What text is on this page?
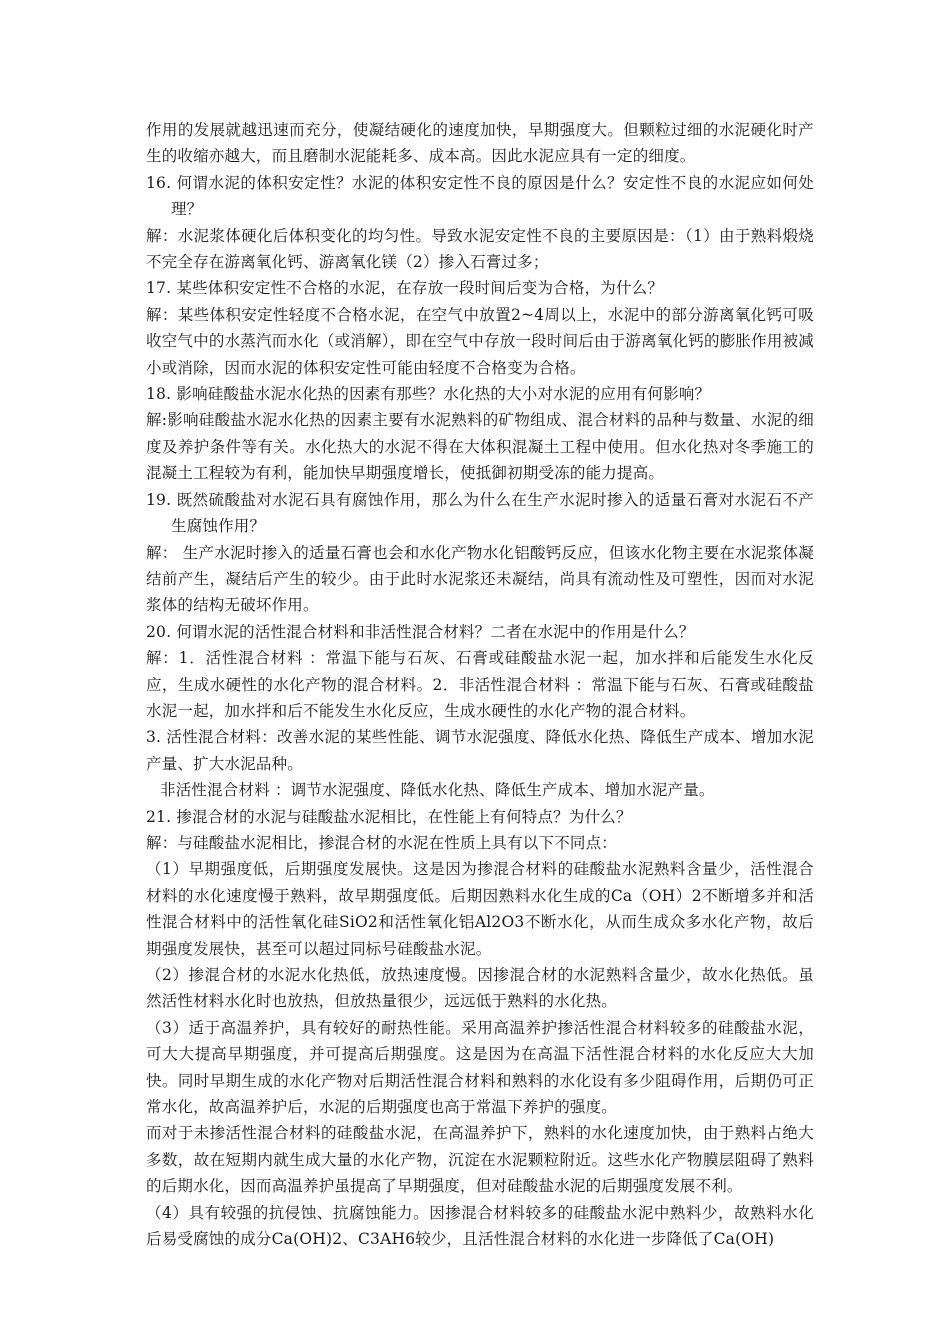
作用的发展就越迅速而充分，使凝结硬化的速度加快，早期强度大。但颗粒过细的水泥硬化时产生的收缩亦越大，而且磨制水泥能耗多、成本高。因此水泥应具有一定的细度。

16. 何谓水泥的体积安定性？水泥的体积安定性不良的原因是什么？安定性不良的水泥应如何处理？

解：水泥浆体硬化后体积变化的均匀性。导致水泥安定性不良的主要原因是：（1）由于熟料煅烧不完全存在游离氧化钙、游离氧化镁（2）掺入石膏过多；

17. 某些体积安定性不合格的水泥，在存放一段时间后变为合格，为什么？

解：某些体积安定性轻度不合格水泥，在空气中放置2~4周以上，水泥中的部分游离氧化钙可吸收空气中的水蒸汽而水化（或消解），即在空气中存放一段时间后由于游离氧化钙的膨胀作用被减小或消除，因而水泥的体积安定性可能由轻度不合格变为合格。

18. 影响硅酸盐水泥水化热的因素有那些？水化热的大小对水泥的应用有何影响？

解:影响硅酸盐水泥水化热的因素主要有水泥熟料的矿物组成、混合材料的品种与数量、水泥的细度及养护条件等有关。水化热大的水泥不得在大体积混凝土工程中使用。但水化热对冬季施工的混凝土工程较为有利，能加快早期强度增长，使抵御初期受冻的能力提高。

19. 既然硫酸盐对水泥石具有腐蚀作用，那么为什么在生产水泥时掺入的适量石膏对水泥石不产生腐蚀作用？

解： 生产水泥时掺入的适量石膏也会和水化产物水化铝酸钙反应，但该水化物主要在水泥浆体凝结前产生，凝结后产生的较少。由于此时水泥浆还未凝结，尚具有流动性及可塑性，因而对水泥浆体的结构无破坏作用。

20. 何谓水泥的活性混合材料和非活性混合材料？二者在水泥中的作用是什么？

解：1．活性混合材料 ：常温下能与石灰、石膏或硅酸盐水泥一起，加水拌和后能发生水化反应，生成水硬性的水化产物的混合材料。2．非活性混合材料 ：常温下能与石灰、石膏或硅酸盐水泥一起，加水拌和后不能发生水化反应，生成水硬性的水化产物的混合材料。

3. 活性混合材料：改善水泥的某些性能、调节水泥强度、降低水化热、降低生产成本、增加水泥产量、扩大水泥品种。

非活性混合材料 ：调节水泥强度、降低水化热、降低生产成本、增加水泥产量。

21. 掺混合材的水泥与硅酸盐水泥相比，在性能上有何特点？为什么？

解：与硅酸盐水泥相比，掺混合材的水泥在性质上具有以下不同点：

（1）早期强度低，后期强度发展快。这是因为掺混合材料的硅酸盐水泥熟料含量少，活性混合材料的水化速度慢于熟料，故早期强度低。后期因熟料水化生成的Ca（OH）2不断增多并和活性混合材料中的活性氧化硅SiO2和活性氧化铝Al2O3不断水化，从而生成众多水化产物，故后期强度发展快，甚至可以超过同标号硅酸盐水泥。

（2）掺混合材的水泥水化热低，放热速度慢。因掺混合材的水泥熟料含量少，故水化热低。虽然活性材料水化时也放热，但放热量很少，远远低于熟料的水化热。

（3）适于高温养护，具有较好的耐热性能。采用高温养护掺活性混合材料较多的硅酸盐水泥，可大大提高早期强度，并可提高后期强度。这是因为在高温下活性混合材料的水化反应大大加快。同时早期生成的水化产物对后期活性混合材料和熟料的水化设有多少阻碍作用，后期仍可正常水化，故高温养护后，水泥的后期强度也高于常温下养护的强度。

而对于未掺活性混合材料的硅酸盐水泥，在高温养护下，熟料的水化速度加快，由于熟料占绝大多数，故在短期内就生成大量的水化产物，沉淀在水泥颗粒附近。这些水化产物膜层阻碍了熟料的后期水化，因而高温养护虽提高了早期强度，但对硅酸盐水泥的后期强度发展不利。

（4）具有较强的抗侵蚀、抗腐蚀能力。因掺混合材料较多的硅酸盐水泥中熟料少，故熟料水化后易受腐蚀的成分Ca(OH)2、C3AH6较少，且活性混合材料的水化进一步降低了Ca(OH)
